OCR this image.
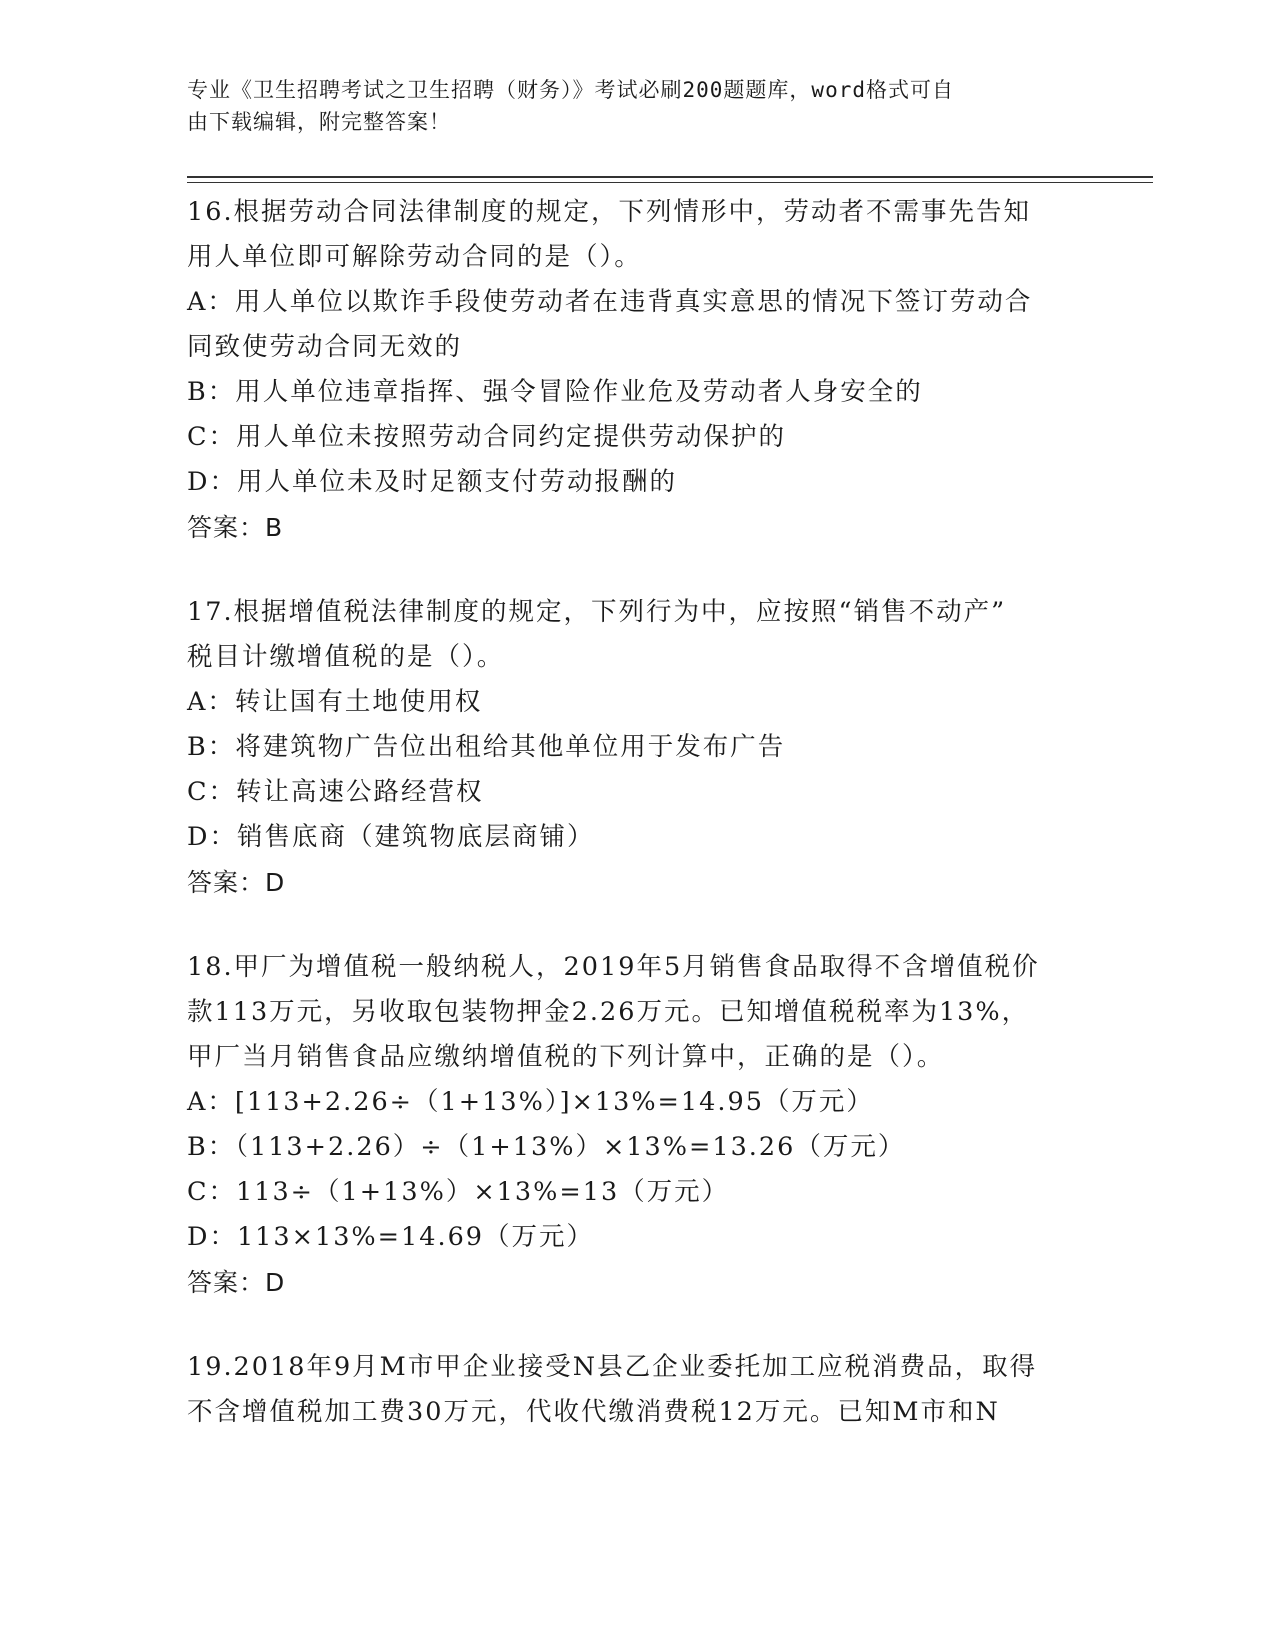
专业《卫生招聘考试之卫生招聘（财务）》考试必刷200题题库，word格式可自
由下载编辑，附完整答案！
16.根据劳动合同法律制度的规定，下列情形中，劳动者不需事先告知
用人单位即可解除劳动合同的是（）。
A：用人单位以欺诈手段使劳动者在违背真实意思的情况下签订劳动合
同致使劳动合同无效的
B：用人单位违章指挥、强令冒险作业危及劳动者人身安全的
C：用人单位未按照劳动合同约定提供劳动保护的
D：用人单位未及时足额支付劳动报酬的
答案：B
17.根据增值税法律制度的规定，下列行为中，应按照“销售不动产”
税目计缴增值税的是（）。
A：转让国有土地使用权
B：将建筑物广告位出租给其他单位用于发布广告
C：转让高速公路经营权
D：销售底商（建筑物底层商铺）
答案：D
18.甲厂为增值税一般纳税人，2019年5月销售食品取得不含增值税价
款113万元，另收取包装物押金2.26万元。已知增值税税率为13%，
甲厂当月销售食品应缴纳增值税的下列计算中，正确的是（）。
A：[113+2.26÷（1+13%）]×13%=14.95（万元）
B：（113+2.26）÷（1+13%）×13%=13.26（万元）
C：113÷（1+13%）×13%=13（万元）
D：113×13%=14.69（万元）
答案：D
19.2018年9月M市甲企业接受N县乙企业委托加工应税消费品，取得
不含增值税加工费30万元，代收代缴消费税12万元。已知M市和N
